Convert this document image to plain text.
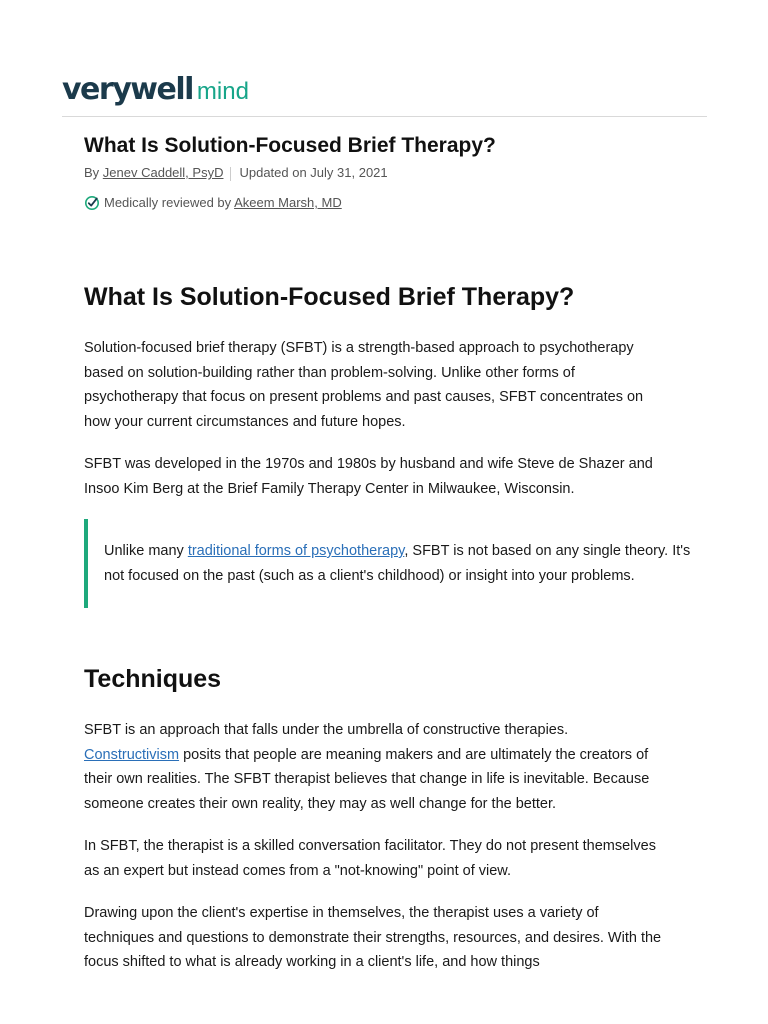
verywell mind
What Is Solution-Focused Brief Therapy?
By Jenev Caddell, PsyD Updated on July 31, 2021
Medically reviewed by Akeem Marsh, MD
What Is Solution-Focused Brief Therapy?

Solution-focused brief therapy (SFBT) is a strength-based approach to psychotherapy based on solution-building rather than problem-solving. Unlike other forms of psychotherapy that focus on present problems and past causes, SFBT concentrates on how your current circumstances and future hopes.

SFBT was developed in the 1970s and 1980s by husband and wife Steve de Shazer and Insoo Kim Berg at the Brief Family Therapy Center in Milwaukee, Wisconsin.

Unlike many traditional forms of psychotherapy, SFBT is not based on any single theory. It's not focused on the past (such as a client's childhood) or insight into your problems.

Techniques

SFBT is an approach that falls under the umbrella of constructive therapies. Constructivism posits that people are meaning makers and are ultimately the creators of their own realities. The SFBT therapist believes that change in life is inevitable. Because someone creates their own reality, they may as well change for the better.

In SFBT, the therapist is a skilled conversation facilitator. They do not present themselves as an expert but instead comes from a "not-knowing" point of view.

Drawing upon the client's expertise in themselves, the therapist uses a variety of techniques and questions to demonstrate their strengths, resources, and desires. With the focus shifted to what is already working in a client's life, and how things
